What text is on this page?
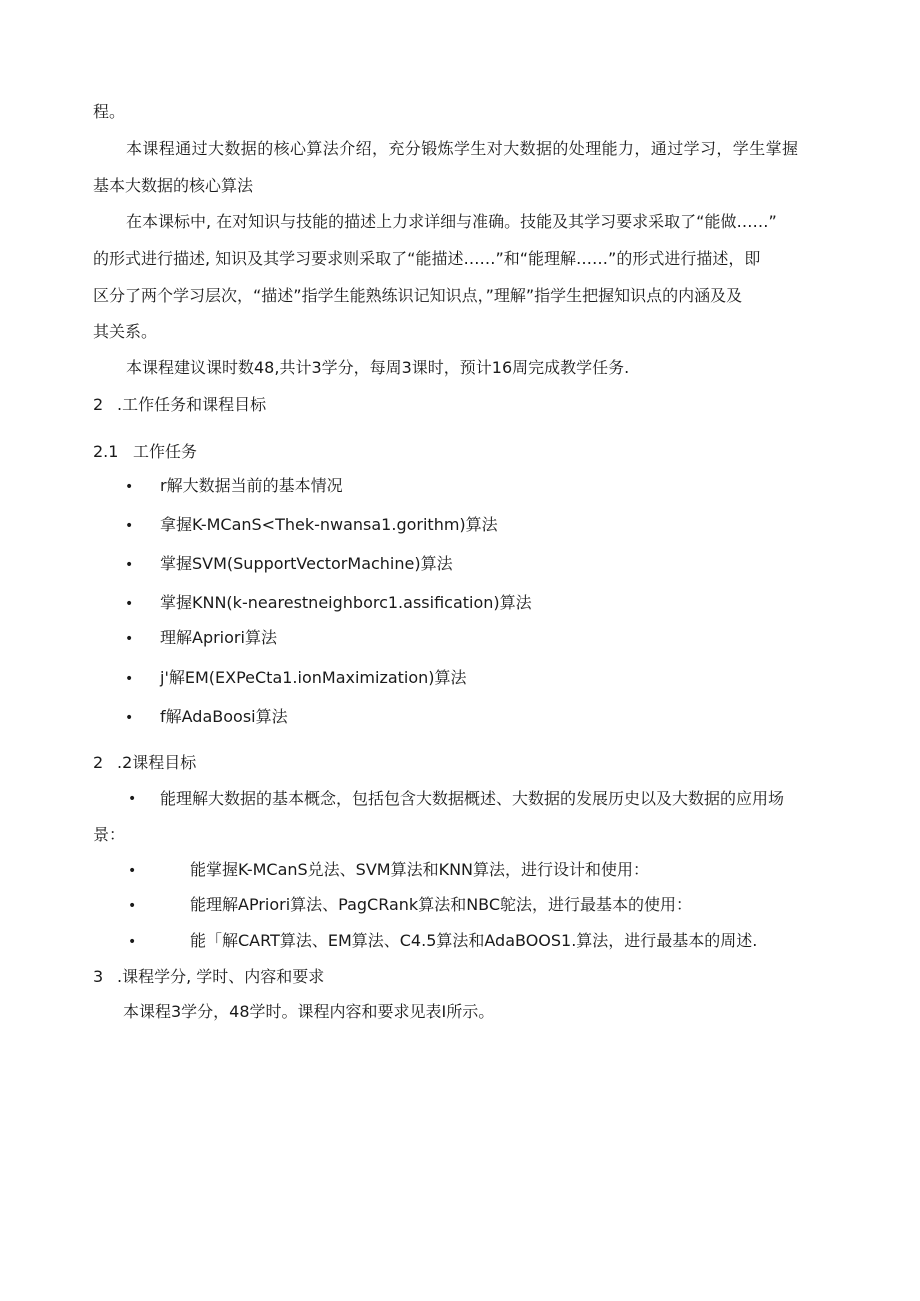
程。
本课程通过大数据的核心算法介绍，充分锻炼学生对大数据的处理能力，通过学习，学生掌握
基本大数据的核心算法
在本课标中, 在对知识与技能的描述上力求详细与准确。技能及其学习要求采取了“能做……”
的形式进行描述, 知识及其学习要求则采取了“能描述……”和“能理解……”的形式进行描述，即
区分了两个学习层次，“描述”指学生能熟练识记知识点，”理解”指学生把握知识点的内涵及及
其关系。
本课程建议课时数48,共计3学分，每周3课时，预计16周完成教学任务.
2 .工作任务和课程目标
2.1 工作任务
• r解大数据当前的基本情况
• 拿握K-MCanS<Thek-nwansa1.gorithm)算法
• 掌握SVM(SupportVectorMachine)算法
• 掌握KNN(k-nearestneighborc1.assification)算法
• 理解Apriori算法
• j'解EM(EXPeCta1.ionMaximization)算法
• f解AdaBoosi算法
2 .2课程目标
• 能理解大数据的基本概念，包括包含大数据概述、大数据的发展历史以及大数据的应用场
景：
•	能掌握K-MCanS兑法、SVM算法和KNN算法，进行设计和使用：
•	能理解APriori算法、PagCRank算法和NBC鸵法，进行最基本的使用：
•	能「解CART算法、EM算法、C4.5算法和AdaBOOS1.算法，进行最基本的周述.
3 .课程学分, 学时、内容和要求
本课程3学分，48学时。课程内容和要求见表I所示。
